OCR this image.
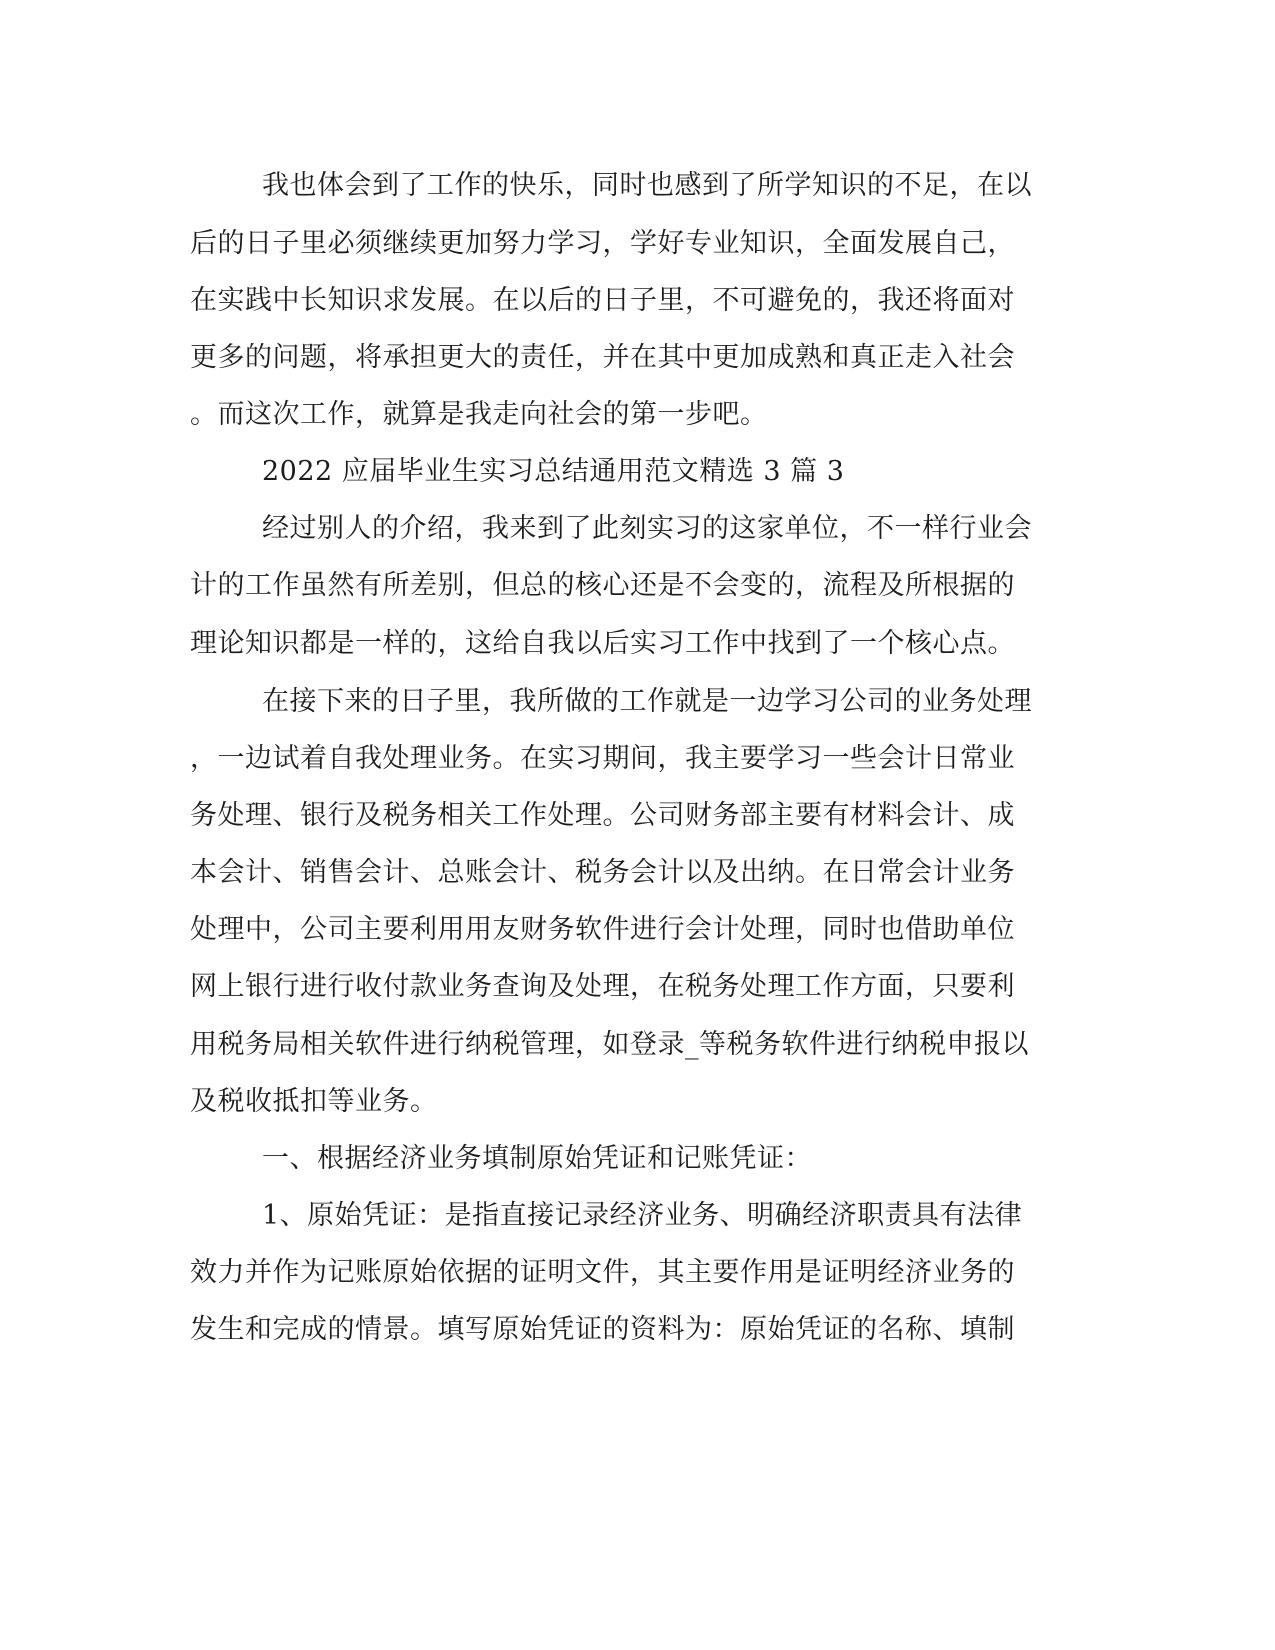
我也体会到了工作的快乐，同时也感到了所学知识的不足，在以

后的日子里必须继续更加努力学习，学好专业知识，全面发展自己，

在实践中长知识求发展。在以后的日子里，不可避免的，我还将面对

更多的问题，将承担更大的责任，并在其中更加成熟和真正走入社会

。而这次工作，就算是我走向社会的第一步吧。

2022 应届毕业生实习总结通用范文精选 3 篇 3

经过别人的介绍，我来到了此刻实习的这家单位，不一样行业会

计的工作虽然有所差别，但总的核心还是不会变的，流程及所根据的

理论知识都是一样的，这给自我以后实习工作中找到了一个核心点。

在接下来的日子里，我所做的工作就是一边学习公司的业务处理

，一边试着自我处理业务。在实习期间，我主要学习一些会计日常业

务处理、银行及税务相关工作处理。公司财务部主要有材料会计、成

本会计、销售会计、总账会计、税务会计以及出纳。在日常会计业务

处理中，公司主要利用用友财务软件进行会计处理，同时也借助单位

网上银行进行收付款业务查询及处理，在税务处理工作方面，只要利

用税务局相关软件进行纳税管理，如登录_等税务软件进行纳税申报以

及税收抵扣等业务。

一、根据经济业务填制原始凭证和记账凭证：

1、原始凭证：是指直接记录经济业务、明确经济职责具有法律

效力并作为记账原始依据的证明文件，其主要作用是证明经济业务的

发生和完成的情景。填写原始凭证的资料为：原始凭证的名称、填制
